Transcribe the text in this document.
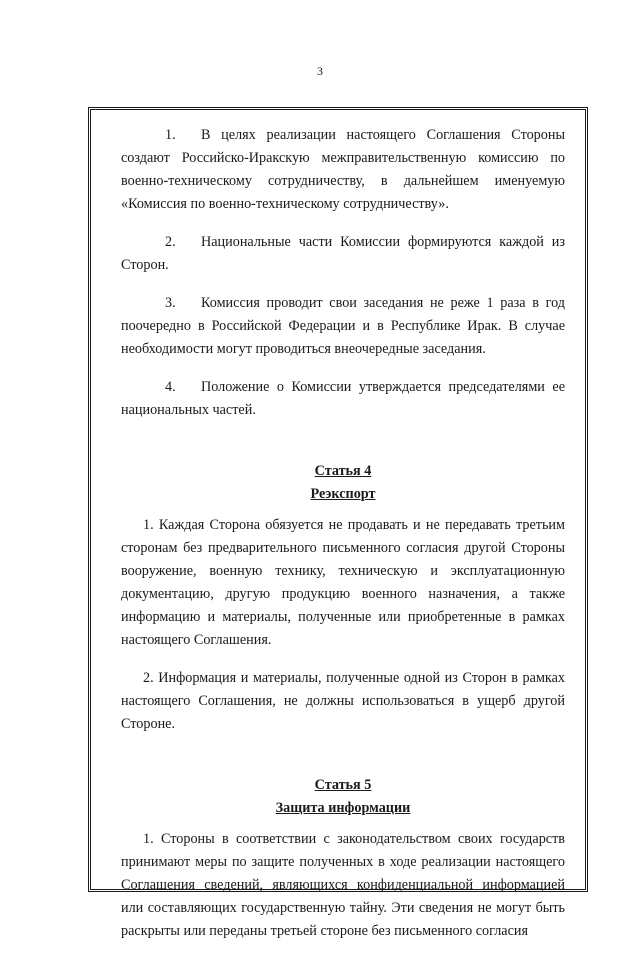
3

1. В целях реализации настоящего Соглашения Стороны создают Российско-Иракскую межправительственную комиссию по военно-техническому сотрудничеству, в дальнейшем именуемую «Комиссия по военно-техническому сотрудничеству».

2. Национальные части Комиссии формируются каждой из Сторон.

3. Комиссия проводит свои заседания не реже 1 раза в год поочередно в Российской Федерации и в Республике Ирак. В случае необходимости могут проводиться внеочередные заседания.

4. Положение о Комиссии утверждается председателями ее национальных частей.

Статья 4
Реэкспорт

1. Каждая Сторона обязуется не продавать и не передавать третьим сторонам без предварительного письменного согласия другой Стороны вооружение, военную технику, техническую и эксплуатационную документацию, другую продукцию военного назначения, а также информацию и материалы, полученные или приобретенные в рамках настоящего Соглашения.

2. Информация и материалы, полученные одной из Сторон в рамках настоящего Соглашения, не должны использоваться в ущерб другой Стороне.

Статья 5
Защита информации

1. Стороны в соответствии с законодательством своих государств принимают меры по защите полученных в ходе реализации настоящего Соглашения сведений, являющихся конфиденциальной информацией или составляющих государственную тайну. Эти сведения не могут быть раскрыты или переданы третьей стороне без письменного согласия
